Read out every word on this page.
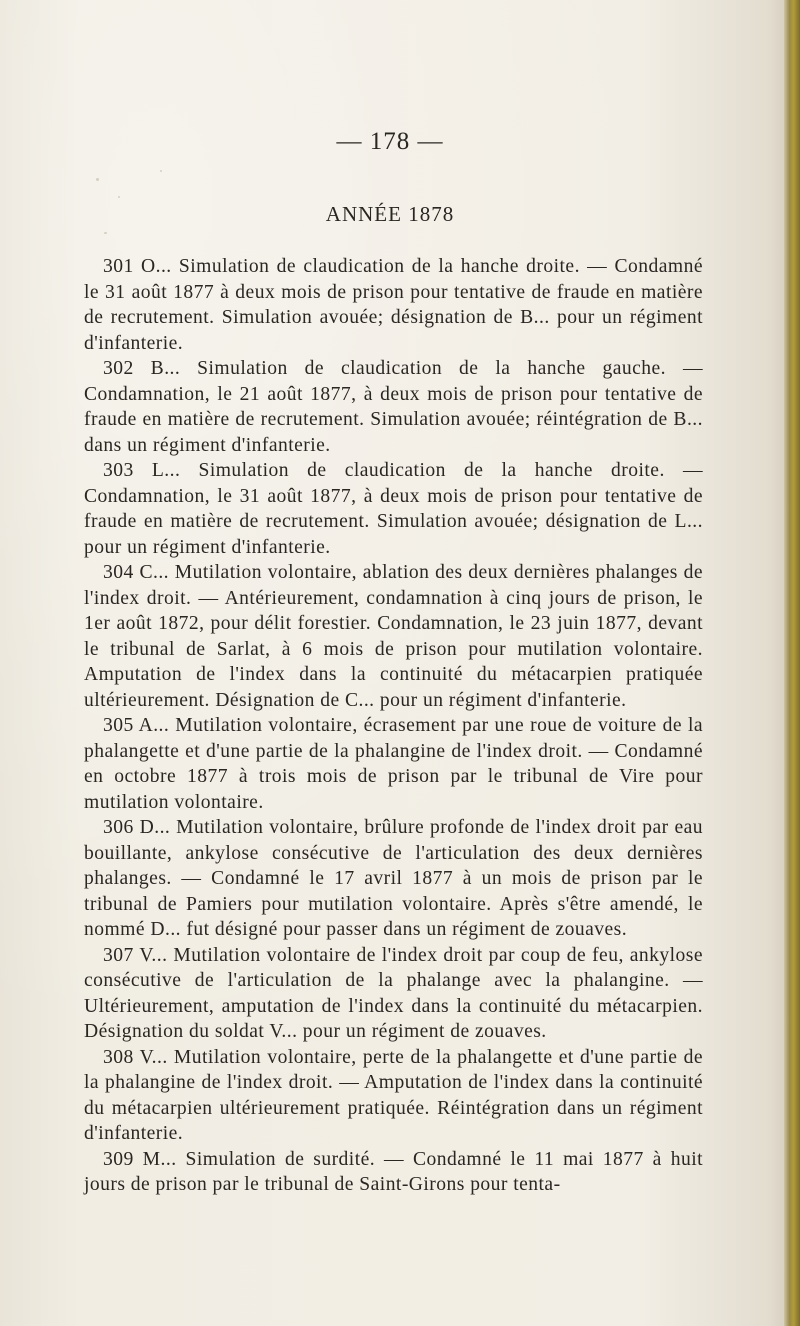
— 178 —
ANNÉE 1878

301 O... Simulation de claudication de la hanche droite. — Condamné le 31 août 1877 à deux mois de prison pour tentative de fraude en matière de recrutement. Simulation avouée; désignation de B... pour un régiment d'infanterie.

302 B... Simulation de claudication de la hanche gauche. — Condamnation, le 21 août 1877, à deux mois de prison pour tentative de fraude en matière de recrutement. Simulation avouée; réintégration de B... dans un régiment d'infanterie.

303 L... Simulation de claudication de la hanche droite. — Condamnation, le 31 août 1877, à deux mois de prison pour tentative de fraude en matière de recrutement. Simulation avouée; désignation de L... pour un régiment d'infanterie.

304 C... Mutilation volontaire, ablation des deux dernières phalanges de l'index droit. — Antérieurement, condamnation à cinq jours de prison, le 1er août 1872, pour délit forestier. Condamnation, le 23 juin 1877, devant le tribunal de Sarlat, à 6 mois de prison pour mutilation volontaire. Amputation de l'index dans la continuité du métacarpien pratiquée ultérieurement. Désignation de C... pour un régiment d'infanterie.

305 A... Mutilation volontaire, écrasement par une roue de voiture de la phalangette et d'une partie de la phalangine de l'index droit. — Condamné en octobre 1877 à trois mois de prison par le tribunal de Vire pour mutilation volontaire.

306 D... Mutilation volontaire, brûlure profonde de l'index droit par eau bouillante, ankylose consécutive de l'articulation des deux dernières phalanges. — Condamné le 17 avril 1877 à un mois de prison par le tribunal de Pamiers pour mutilation volontaire. Après s'être amendé, le nommé D... fut désigné pour passer dans un régiment de zouaves.

307 V... Mutilation volontaire de l'index droit par coup de feu, ankylose consécutive de l'articulation de la phalange avec la phalangine. — Ultérieurement, amputation de l'index dans la continuité du métacarpien. Désignation du soldat V... pour un régiment de zouaves.

308 V... Mutilation volontaire, perte de la phalangette et d'une partie de la phalangine de l'index droit. — Amputation de l'index dans la continuité du métacarpien ultérieurement pratiquée. Réintégration dans un régiment d'infanterie.

309 M... Simulation de surdité. — Condamné le 11 mai 1877 à huit jours de prison par le tribunal de Saint-Girons pour tenta-
